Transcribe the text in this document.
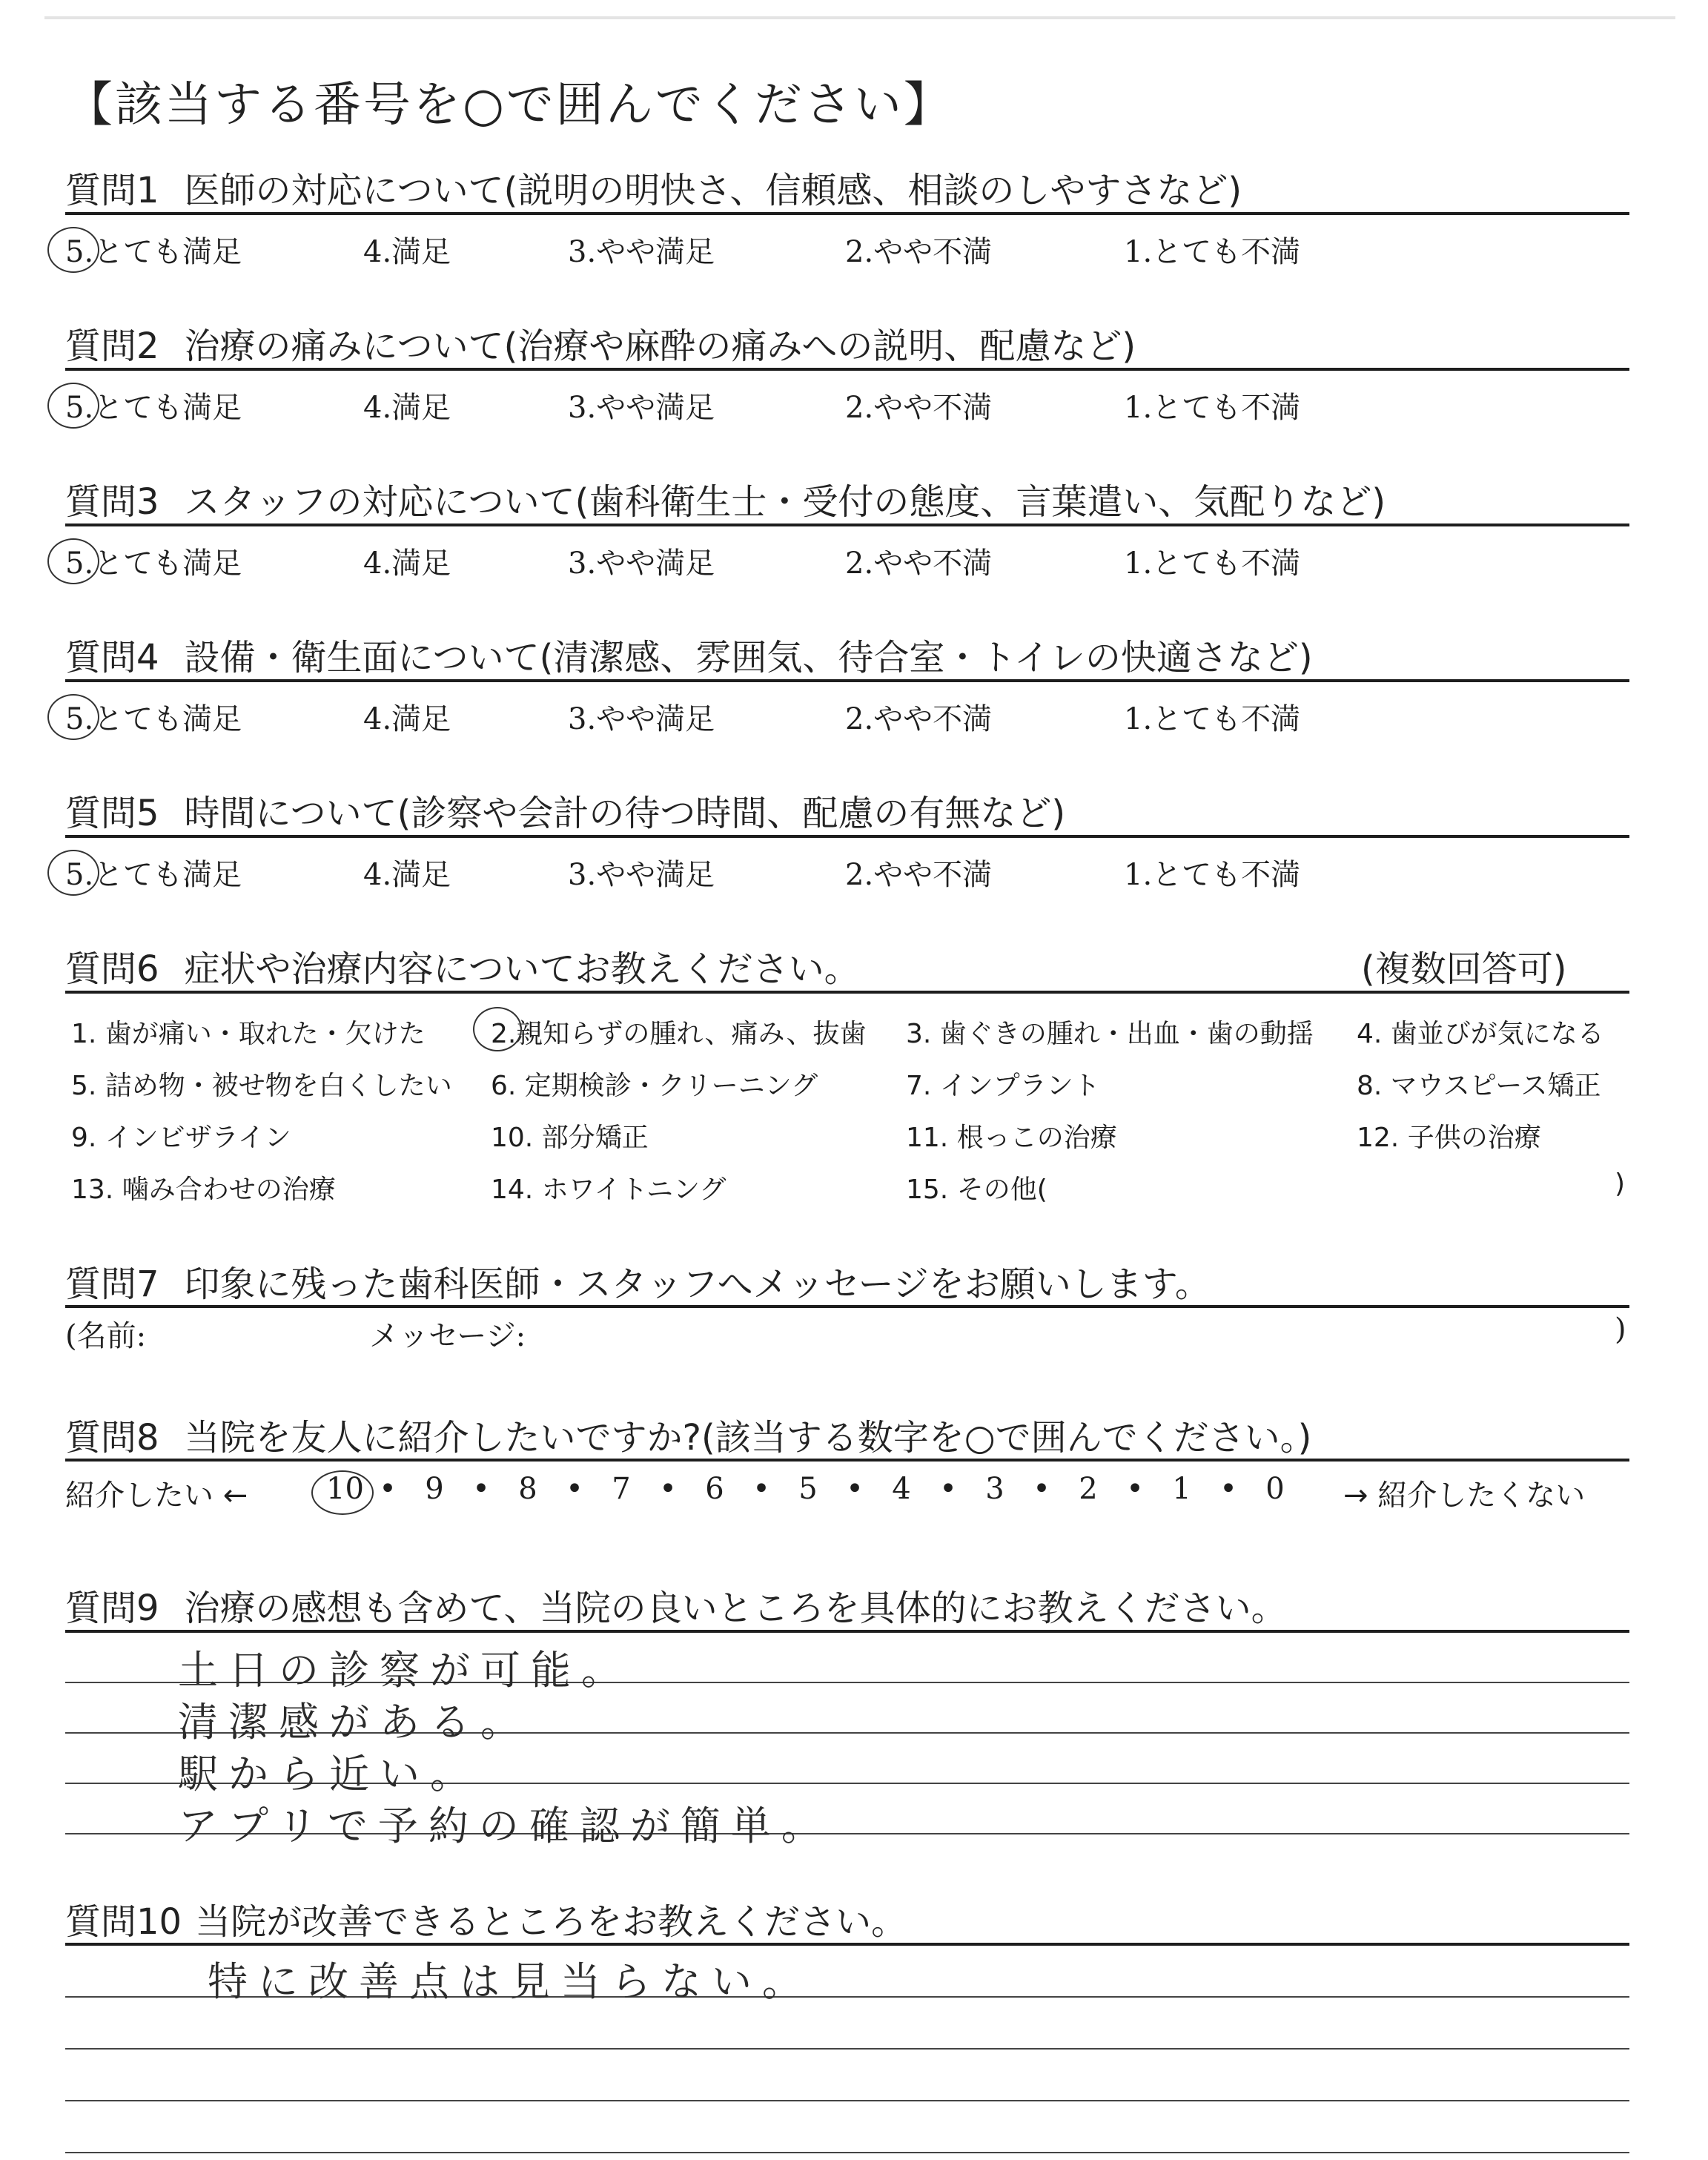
【該当する番号を○で囲んでください】
質問1 医師の対応について(説明の明快さ、信頼感、相談のしやすさなど)
5.とても満足	4.満足	3.やや満足	2.やや不満	1.とても不満
質問2 治療の痛みについて(治療や麻酔の痛みへの説明、配慮など)
5.とても満足	4.満足	3.やや満足	2.やや不満	1.とても不満
質問3 スタッフの対応について(歯科衛生士・受付の態度、言葉遣い、気配りなど)
5.とても満足	4.満足	3.やや満足	2.やや不満	1.とても不満
質問4 設備・衛生面について(清潔感、雰囲気、待合室・トイレの快適さなど)
5.とても満足	4.満足	3.やや満足	2.やや不満	1.とても不満
質問5 時間について(診察や会計の待つ時間、配慮の有無など)
5.とても満足	4.満足	3.やや満足	2.やや不満	1.とても不満
質問6 症状や治療内容についてお教えください。	(複数回答可)
1. 歯が痛い・取れた・欠けた 2.親知らずの腫れ、痛み、抜歯 3. 歯ぐきの腫れ・出血・歯の動揺 4. 歯並びが気になる
5. 詰め物・被せ物を白くしたい 6. 定期検診・クリーニング	7. インプラント	8. マウスピース矯正
9. インビザライン	10. 部分矯正	11. 根っこの治療	12. 子供の治療
13. 噛み合わせの治療	14. ホワイトニング	15. その他(	)
質問7 印象に残った歯科医師・スタッフへメッセージをお願いします。
(名前:	メッセージ:	)
質問8 当院を友人に紹介したいですか?(該当する数字を○で囲んでください。)
紹介したい ←	→ 紹介したくない
10 • 9 • 8 • 7 • 6 • 5 • 4 • 3 • 2 • 1 • 0
質問9 治療の感想も含めて、当院の良いところを具体的にお教えください。
土日の診察が可能。
清潔感がある。
駅から近い。
アプリで予約の確認が簡単。
質問10 当院が改善できるところをお教えください。
特に改善点は見当らない。
